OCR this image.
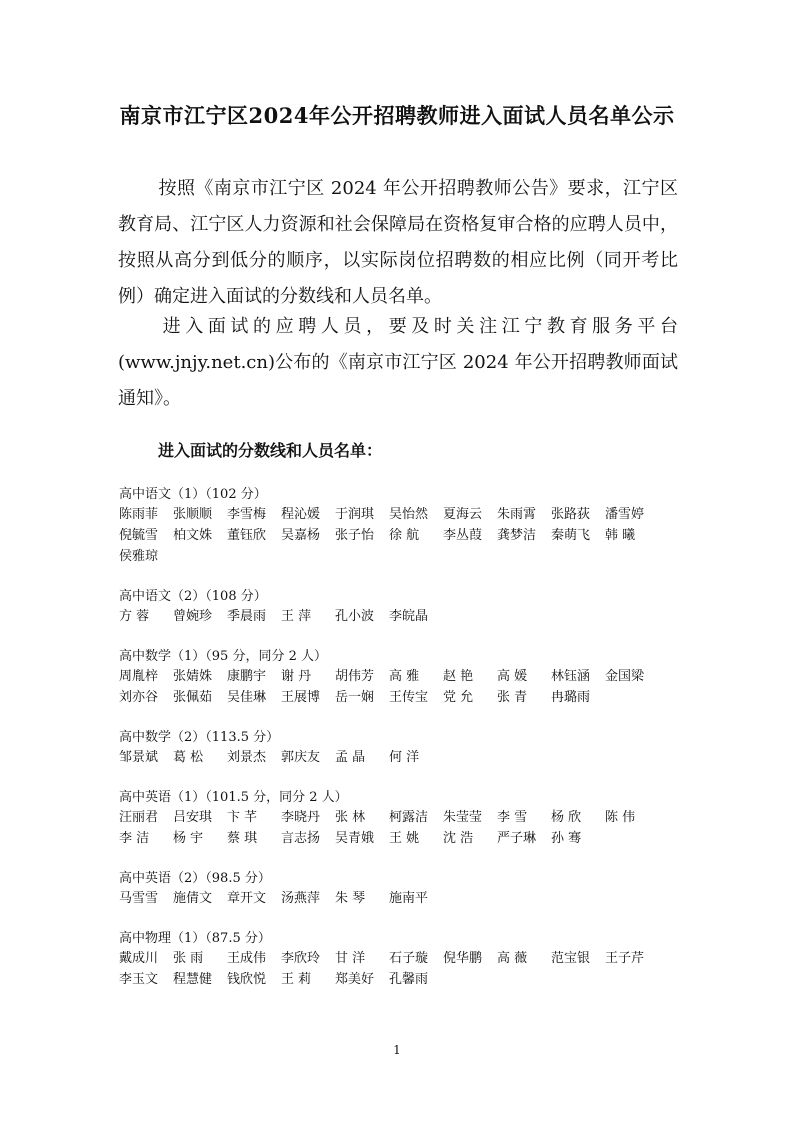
南京市江宁区2024年公开招聘教师进入面试人员名单公示
按照《南京市江宁区 2024 年公开招聘教师公告》要求，江宁区教育局、江宁区人力资源和社会保障局在资格复审合格的应聘人员中，按照从高分到低分的顺序，以实际岗位招聘数的相应比例（同开考比例）确定进入面试的分数线和人员名单。
进入面试的应聘人员，要及时关注江宁教育服务平台(www.jnjy.net.cn)公布的《南京市江宁区 2024 年公开招聘教师面试通知》。
进入面试的分数线和人员名单：
高中语文（1）（102 分）
陈雨菲	张顺顺	李雪梅	程沁媛	于润琪	吴怡然	夏海云	朱雨霄	张路荻	潘雪婷
倪毓雪	柏文姝	董钰欣	吴嘉杨	张子怡	徐 航	李丛葭	龚梦洁	秦萌飞	韩 曦
侯雅琼
高中语文（2）（108 分）
方 蓉	曾婉珍	季晨雨	王 萍	孔小波	李皖晶
高中数学（1）（95 分，同分 2 人）
周胤梓	张婧姝	康鹏宇	谢 丹	胡伟芳	高 雅	赵 艳	高 媛	林钰涵	金国梁
刘亦谷	张佩茹	吴佳琳	王展博	岳一娴	王传宝	党 允	张 青	冉璐雨
高中数学（2）（113.5 分）
邹景斌	葛 松	刘景杰	郭庆友	孟 晶	何 洋
高中英语（1）（101.5 分，同分 2 人）
汪丽君	吕安琪	卞 芊	李晓丹	张 林	柯露洁	朱莹莹	李 雪	杨 欣	陈 伟
李 洁	杨 宇	蔡 琪	言志扬	吴青娥	王 姚	沈 浩	严子琳	孙 骞
高中英语（2）（98.5 分）
马雪雪	施倩文	章开文	汤燕萍	朱 琴	施南平
高中物理（1）（87.5 分）
戴成川	张 雨	王成伟	李欣玲	甘 洋	石子璇	倪华鹏	高 薇	范宝银	王子芹
李玉文	程慧健	钱欣悦	王 莉	郑美好	孔馨雨
1
